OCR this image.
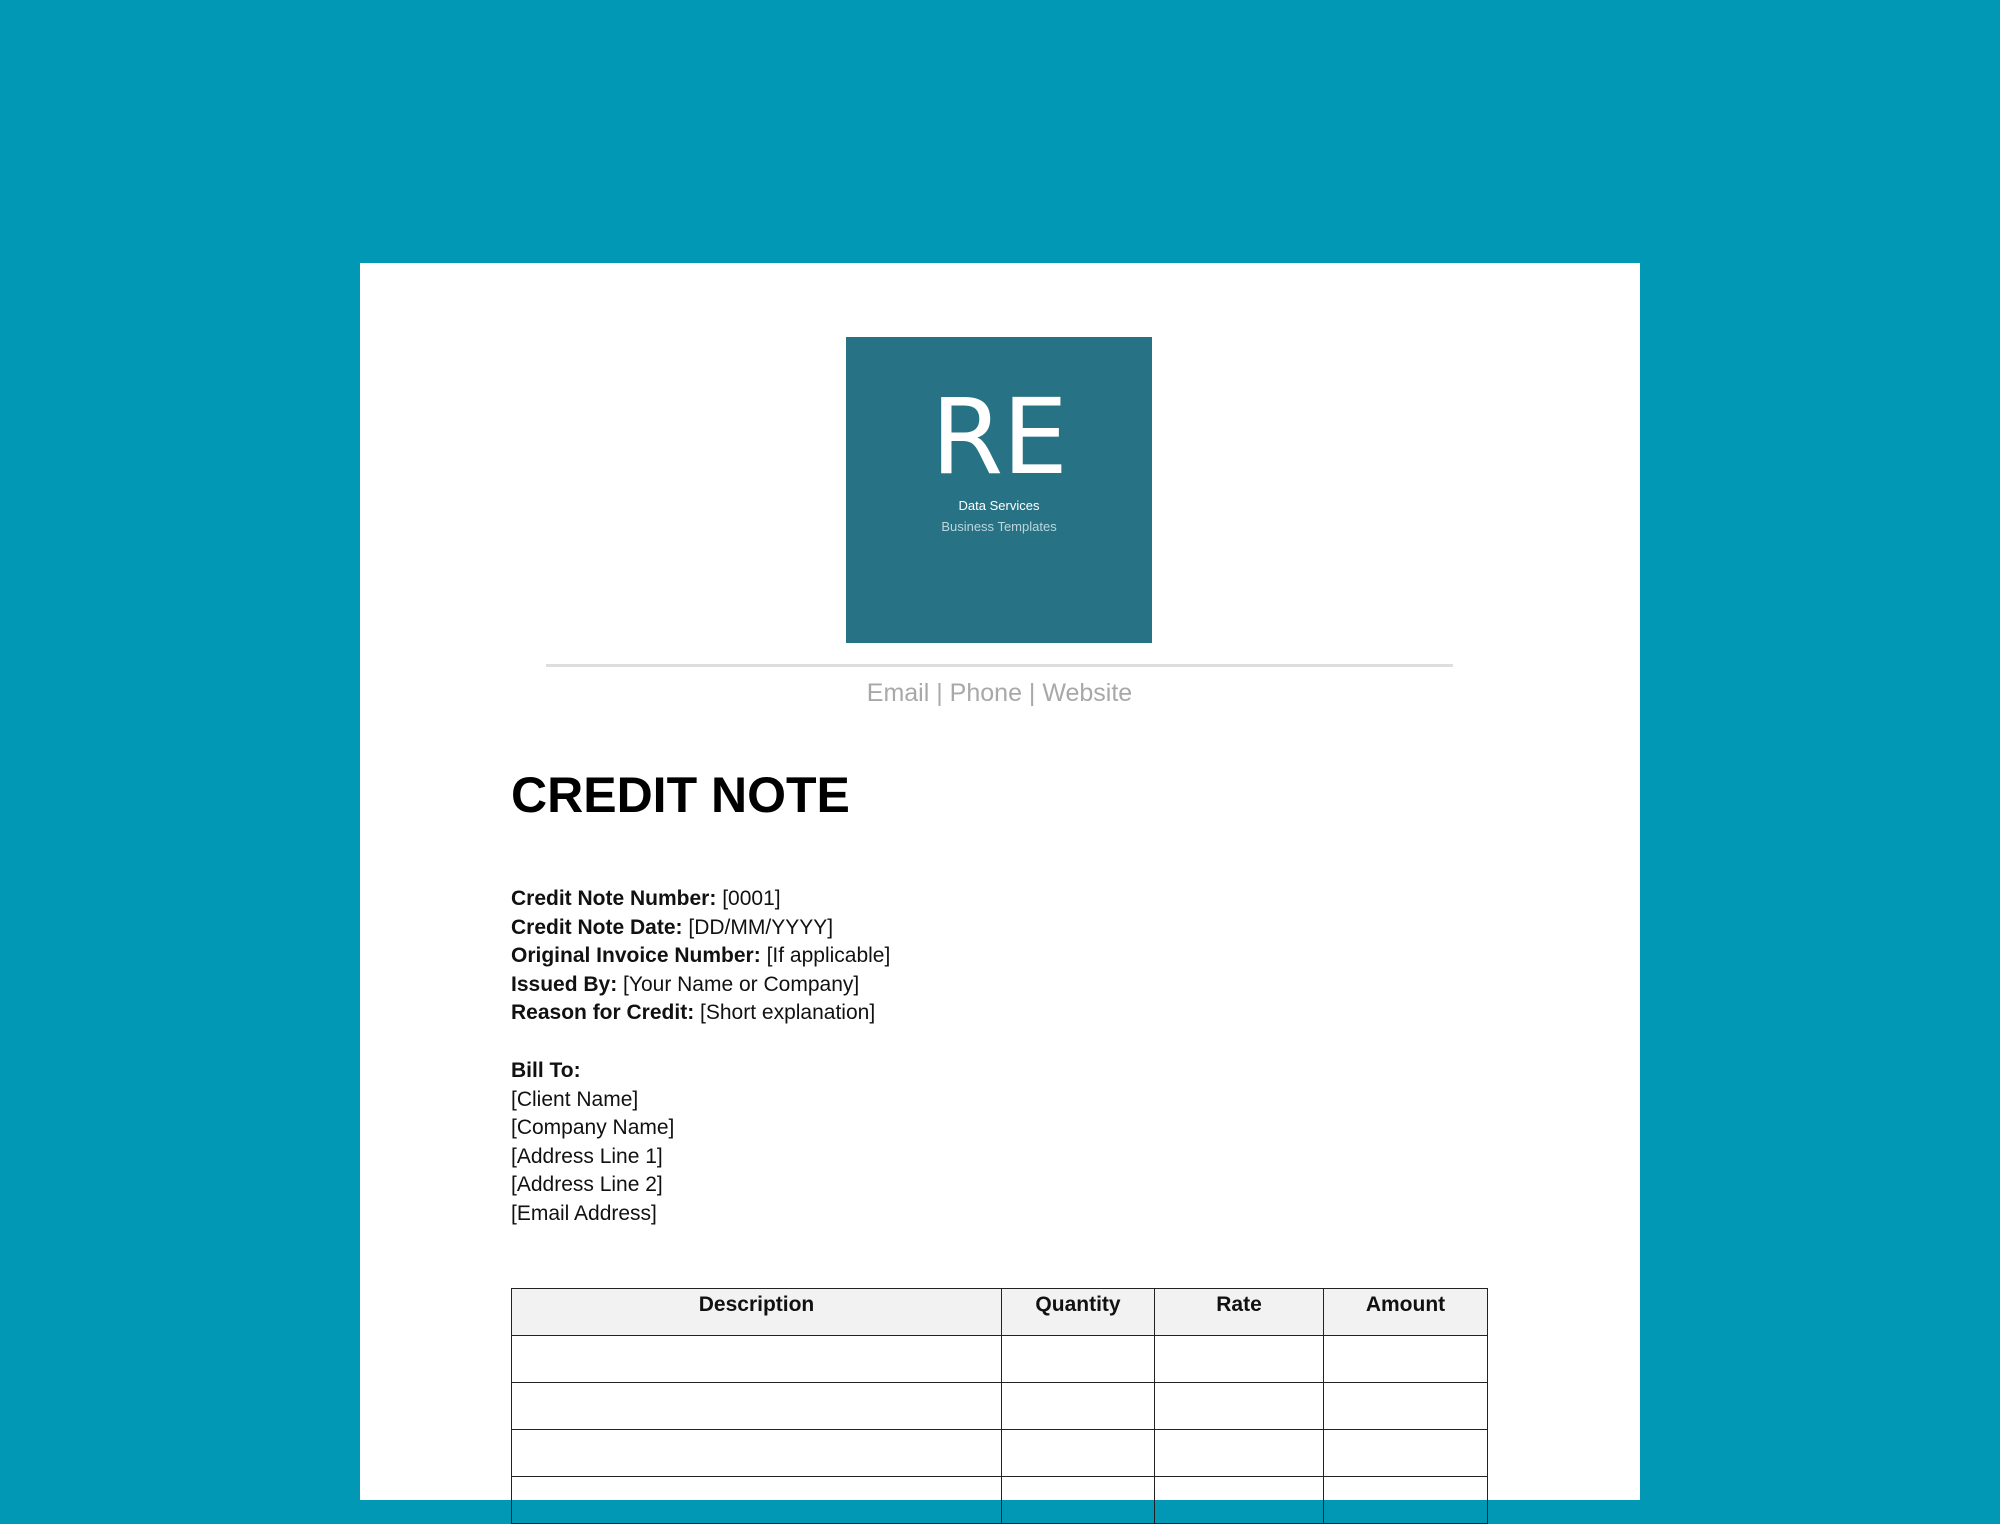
RE
Data Services
Business Templates
Email | Phone | Website
CREDIT NOTE
Credit Note Number: [0001]
Credit Note Date: [DD/MM/YYYY]
Original Invoice Number: [If applicable]
Issued By: [Your Name or Company]
Reason for Credit: [Short explanation]
Bill To:
[Client Name]
[Company Name]
[Address Line 1]
[Address Line 2]
[Email Address]
Description	Quantity	Rate	Amount
